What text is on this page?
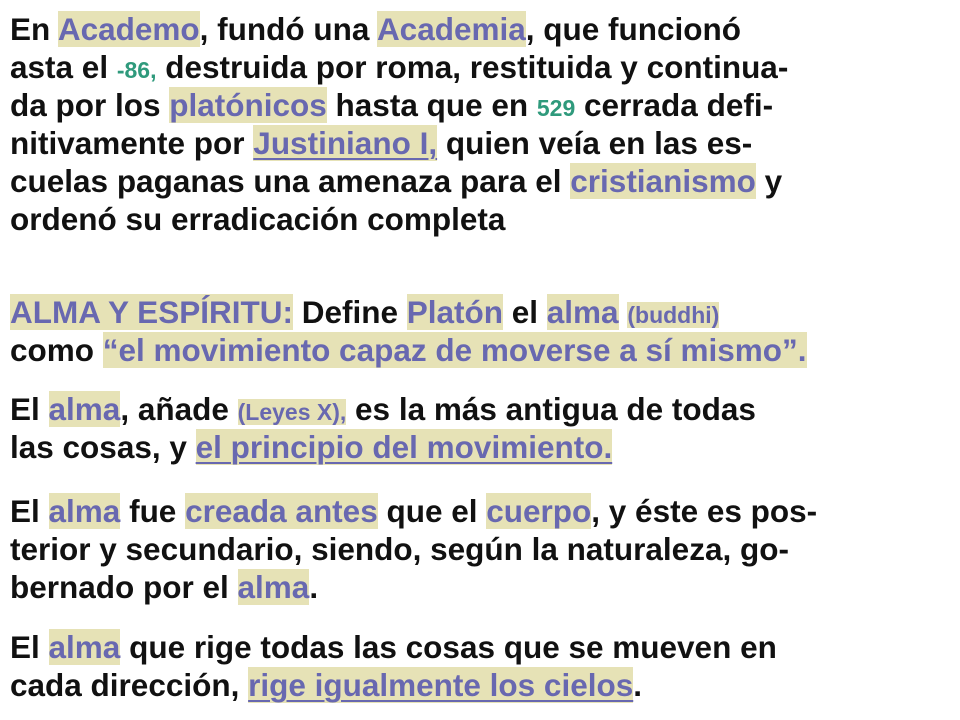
En Academo, fundó una Academia, que funcionó
asta el -86, destruida por roma, restituida y continua-
da por los platónicos hasta que en 529 cerrada defi-
nitivamente por Justiniano I, quien veía en las es-
cuelas paganas una amenaza para el cristianismo y
ordenó su erradicación completa
ALMA Y ESPÍRITU: Define Platón el alma (buddhi)
como “el movimiento capaz de moverse a sí mismo”.
El alma, añade (Leyes X), es la más antigua de todas
las cosas, y el principio del movimiento.
El alma fue creada antes que el cuerpo, y éste es pos-
terior y secundario, siendo, según la naturaleza, go-
bernado por el alma.
El alma que rige todas las cosas que se mueven en
cada dirección, rige igualmente los cielos.
